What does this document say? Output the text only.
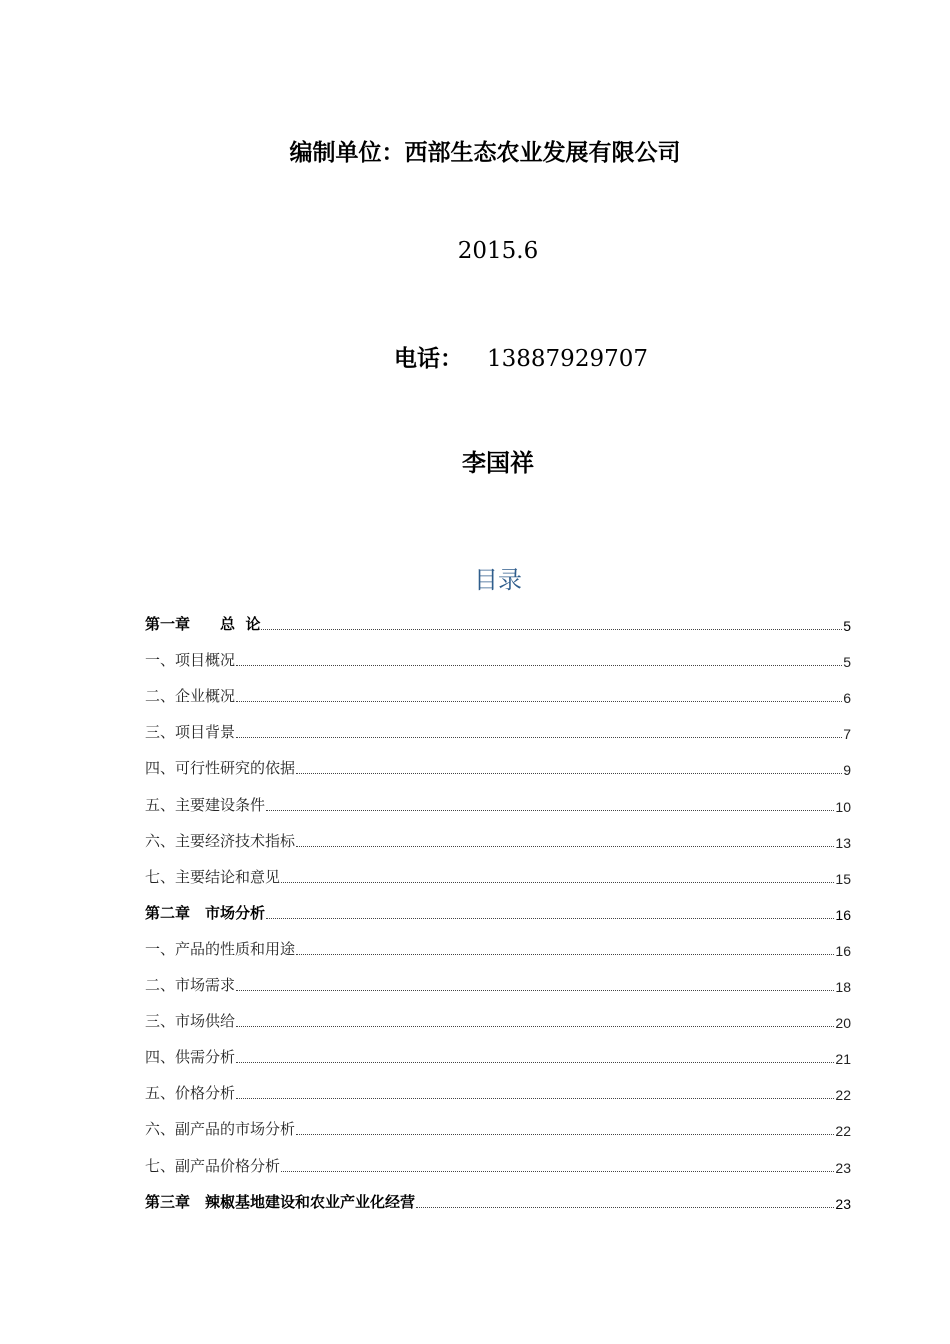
编制单位：西部生态农业发展有限公司
2015.6
电话： 13887929707
李国祥
目录
第一章　　总  论	5
一、项目概况	5
二、企业概况	6
三、项目背景	7
四、可行性研究的依据	9
五、主要建设条件	10
六、主要经济技术指标	13
七、主要结论和意见	15
第二章　市场分析	16
一、产品的性质和用途	16
二、市场需求	18
三、市场供给	20
四、供需分析	21
五、价格分析	22
六、副产品的市场分析	22
七、副产品价格分析	23
第三章　辣椒基地建设和农业产业化经营	23
